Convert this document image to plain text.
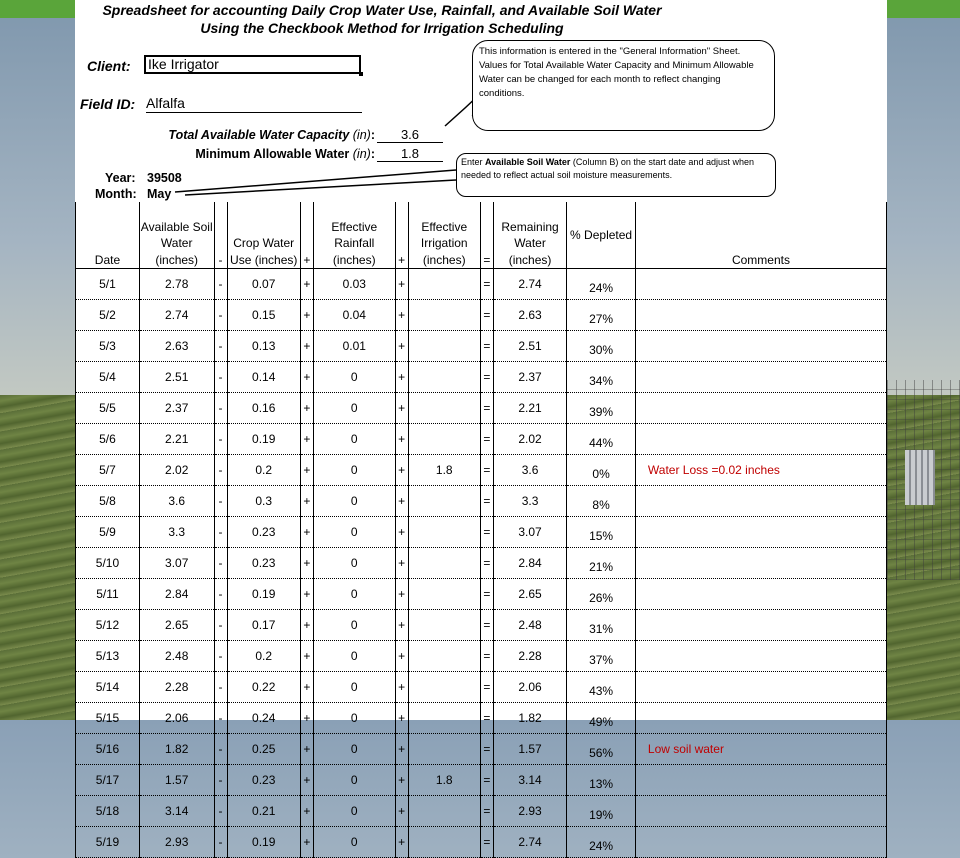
Spreadsheet for accounting Daily Crop Water Use, Rainfall, and Available Soil Water
Using the Checkbook Method for Irrigation Scheduling
Client: Ike Irrigator
Field ID: Alfalfa
Total Available Water Capacity (in):	3.6
Minimum Allowable Water (in):	1.8
Year: 39508
Month: May
This information is entered in the "General Information" Sheet. Values for Total Available Water Capacity and Minimum Allowable Water can be changed for each month to reflect changing conditions.
Enter Available Soil Water (Column B) on the start date and adjust when needed to reflect actual soil moisture measurements.
Date	Available Soil Water (inches)	-	Crop Water Use (inches)	+	Effective Rainfall (inches)	+	Effective Irrigation (inches)	=	Remaining Water (inches)	% Depleted	Comments
5/1	2.78	-	0.07	+	0.03	+		=	2.74	24%	
5/2	2.74	-	0.15	+	0.04	+		=	2.63	27%	
5/3	2.63	-	0.13	+	0.01	+		=	2.51	30%	
5/4	2.51	-	0.14	+	0	+		=	2.37	34%	
5/5	2.37	-	0.16	+	0	+		=	2.21	39%	
5/6	2.21	-	0.19	+	0	+		=	2.02	44%	
5/7	2.02	-	0.2	+	0	+	1.8	=	3.6	0%	Water Loss =0.02 inches
5/8	3.6	-	0.3	+	0	+		=	3.3	8%	
5/9	3.3	-	0.23	+	0	+		=	3.07	15%	
5/10	3.07	-	0.23	+	0	+		=	2.84	21%	
5/11	2.84	-	0.19	+	0	+		=	2.65	26%	
5/12	2.65	-	0.17	+	0	+		=	2.48	31%	
5/13	2.48	-	0.2	+	0	+		=	2.28	37%	
5/14	2.28	-	0.22	+	0	+		=	2.06	43%	
5/15	2.06	-	0.24	+	0	+		=	1.82	49%	
5/16	1.82	-	0.25	+	0	+		=	1.57	56%	Low soil water
5/17	1.57	-	0.23	+	0	+	1.8	=	3.14	13%	
5/18	3.14	-	0.21	+	0	+		=	2.93	19%	
5/19	2.93	-	0.19	+	0	+		=	2.74	24%	
